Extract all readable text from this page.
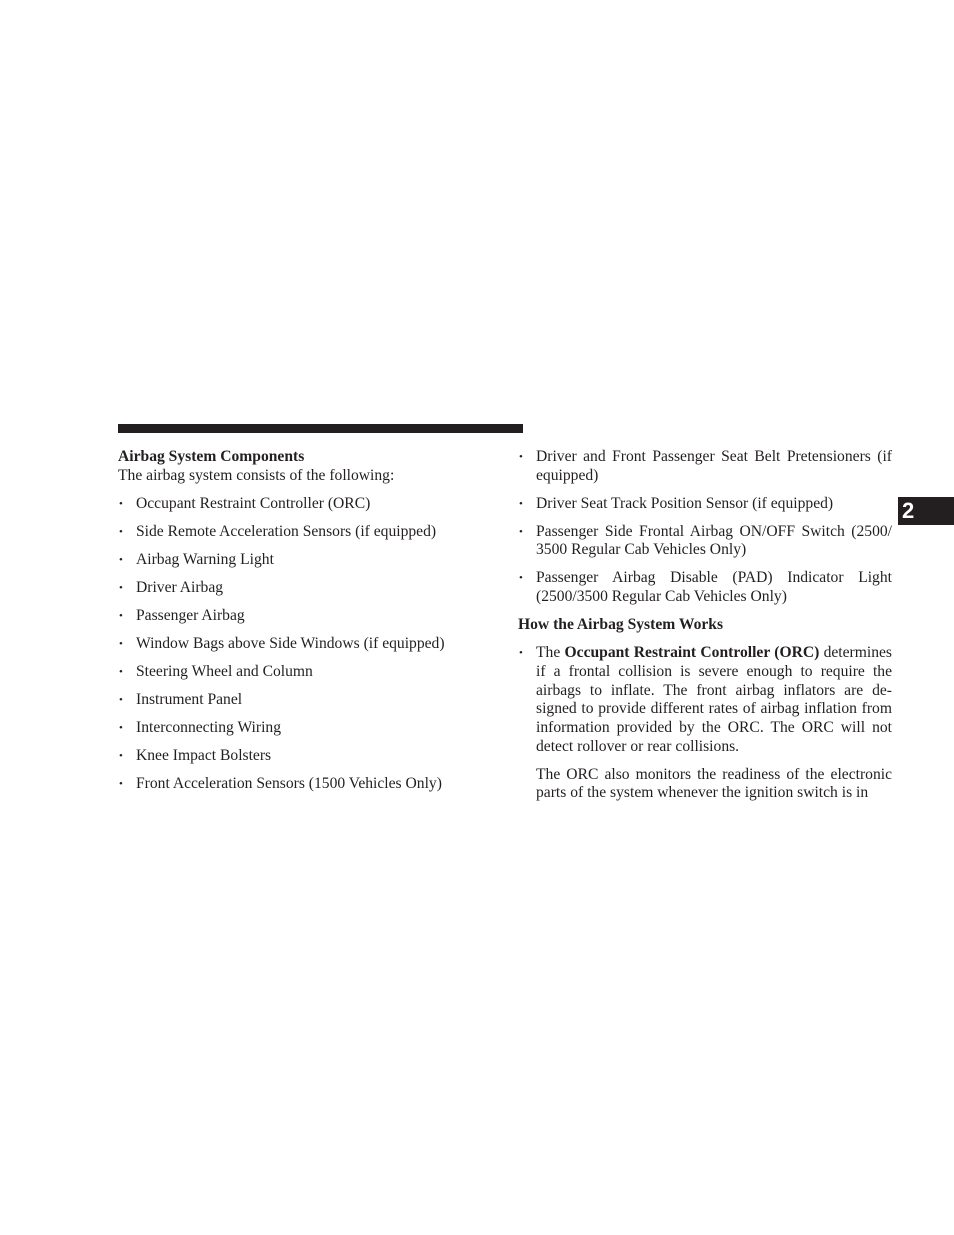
Airbag System Components

The airbag system consists of the following:

• Occupant Restraint Controller (ORC)
• Side Remote Acceleration Sensors (if equipped)
• Airbag Warning Light
• Driver Airbag
• Passenger Airbag
• Window Bags above Side Windows (if equipped)
• Steering Wheel and Column
• Instrument Panel
• Interconnecting Wiring
• Knee Impact Bolsters
• Front Acceleration Sensors (1500 Vehicles Only)
• Driver and Front Passenger Seat Belt Pretensioners (if equipped)
• Driver Seat Track Position Sensor (if equipped)
• Passenger Side Frontal Airbag ON/OFF Switch (2500/ 3500 Regular Cab Vehicles Only)
• Passenger Airbag Disable (PAD) Indicator Light (2500/3500 Regular Cab Vehicles Only)

How the Airbag System Works

• The Occupant Restraint Controller (ORC) determines if a frontal collision is severe enough to require the airbags to inflate. The front airbag inflators are de-signed to provide different rates of airbag inflation from information provided by the ORC. The ORC will not detect rollover or rear collisions.

The ORC also monitors the readiness of the electronic parts of the system whenever the ignition switch is in

2
